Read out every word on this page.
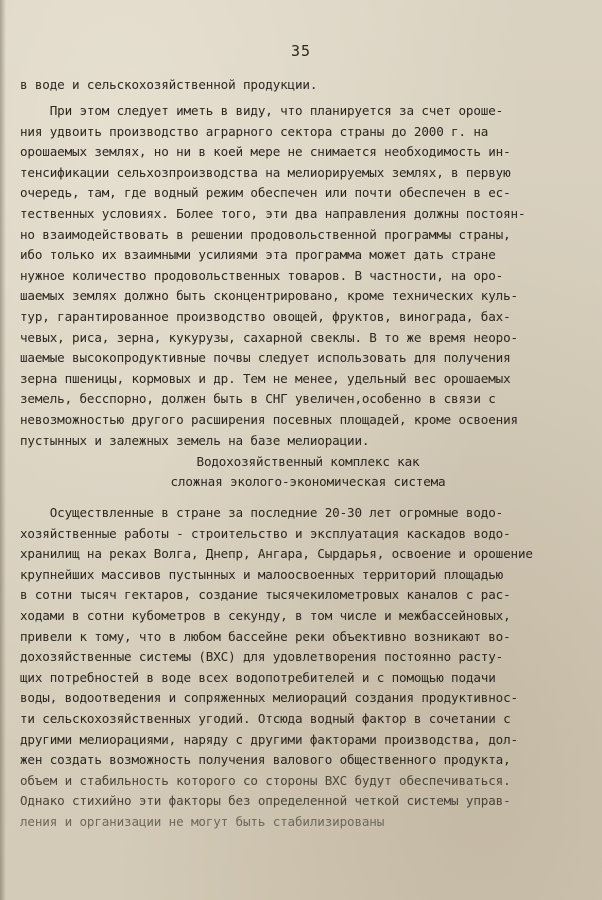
35
в воде и сельскохозяйственной продукции.
При этом следует иметь в виду, что планируется за счет ороше-
ния удвоить производство аграрного сектора страны до 2000 г. на
орошаемых землях, но ни в коей мере не снимается необходимость ин-
тенсификации сельхозпроизводства на мелиорируемых землях, в первую
очередь, там, где водный режим обеспечен или почти обеспечен в ес-
тественных условиях. Более того, эти два направления должны постоян-
но взаимодействовать в решении продовольственной программы страны,
ибо только их взаимными усилиями эта программа может дать стране
нужное количество продовольственных товаров. В частности, на оро-
шаемых землях должно быть сконцентрировано, кроме технических куль-
тур, гарантированное производство овощей, фруктов, винограда, бах-
чевых, риса, зерна, кукурузы, сахарной свеклы. В то же время неоро-
шаемые высокопродуктивные почвы следует использовать для получения
зерна пшеницы, кормовых и др. Тем не менее, удельный вес орошаемых
земель, бесспорно, должен быть в СНГ увеличен,особенно в связи с
невозможностью другого расширения посевных площадей, кроме освоения
пустынных и залежных земель на базе мелиорации.
Водохозяйственный комплекс как
сложная эколого-экономическая система
Осуществленные в стране за последние 20-30 лет огромные водо-
хозяйственные работы - строительство и эксплуатация каскадов водо-
хранилищ на реках Волга, Днепр, Ангара, Сырдарья, освоение и орошение
крупнейших массивов пустынных и малоосвоенных территорий площадью
в сотни тысяч гектаров, создание тысячекилометровых каналов с рас-
ходами в сотни кубометров в секунду, в том числе и межбассейновых,
привели к тому, что в любом бассейне реки объективно возникают во-
дохозяйственные системы (ВХС) для удовлетворения постоянно расту-
щих потребностей в воде всех водопотребителей и с помощью подачи
воды, водоотведения и сопряженных мелиораций создания продуктивнос-
ти сельскохозяйственных угодий. Отсюда водный фактор в сочетании с
другими мелиорациями, наряду с другими факторами производства, дол-
жен создать возможность получения валового общественного продукта,
объем и стабильность которого со стороны ВХС будут обеспечиваться.
Однако стихийно эти факторы без определенной четкой системы управ-
ления и организации не могут быть стабилизированы
